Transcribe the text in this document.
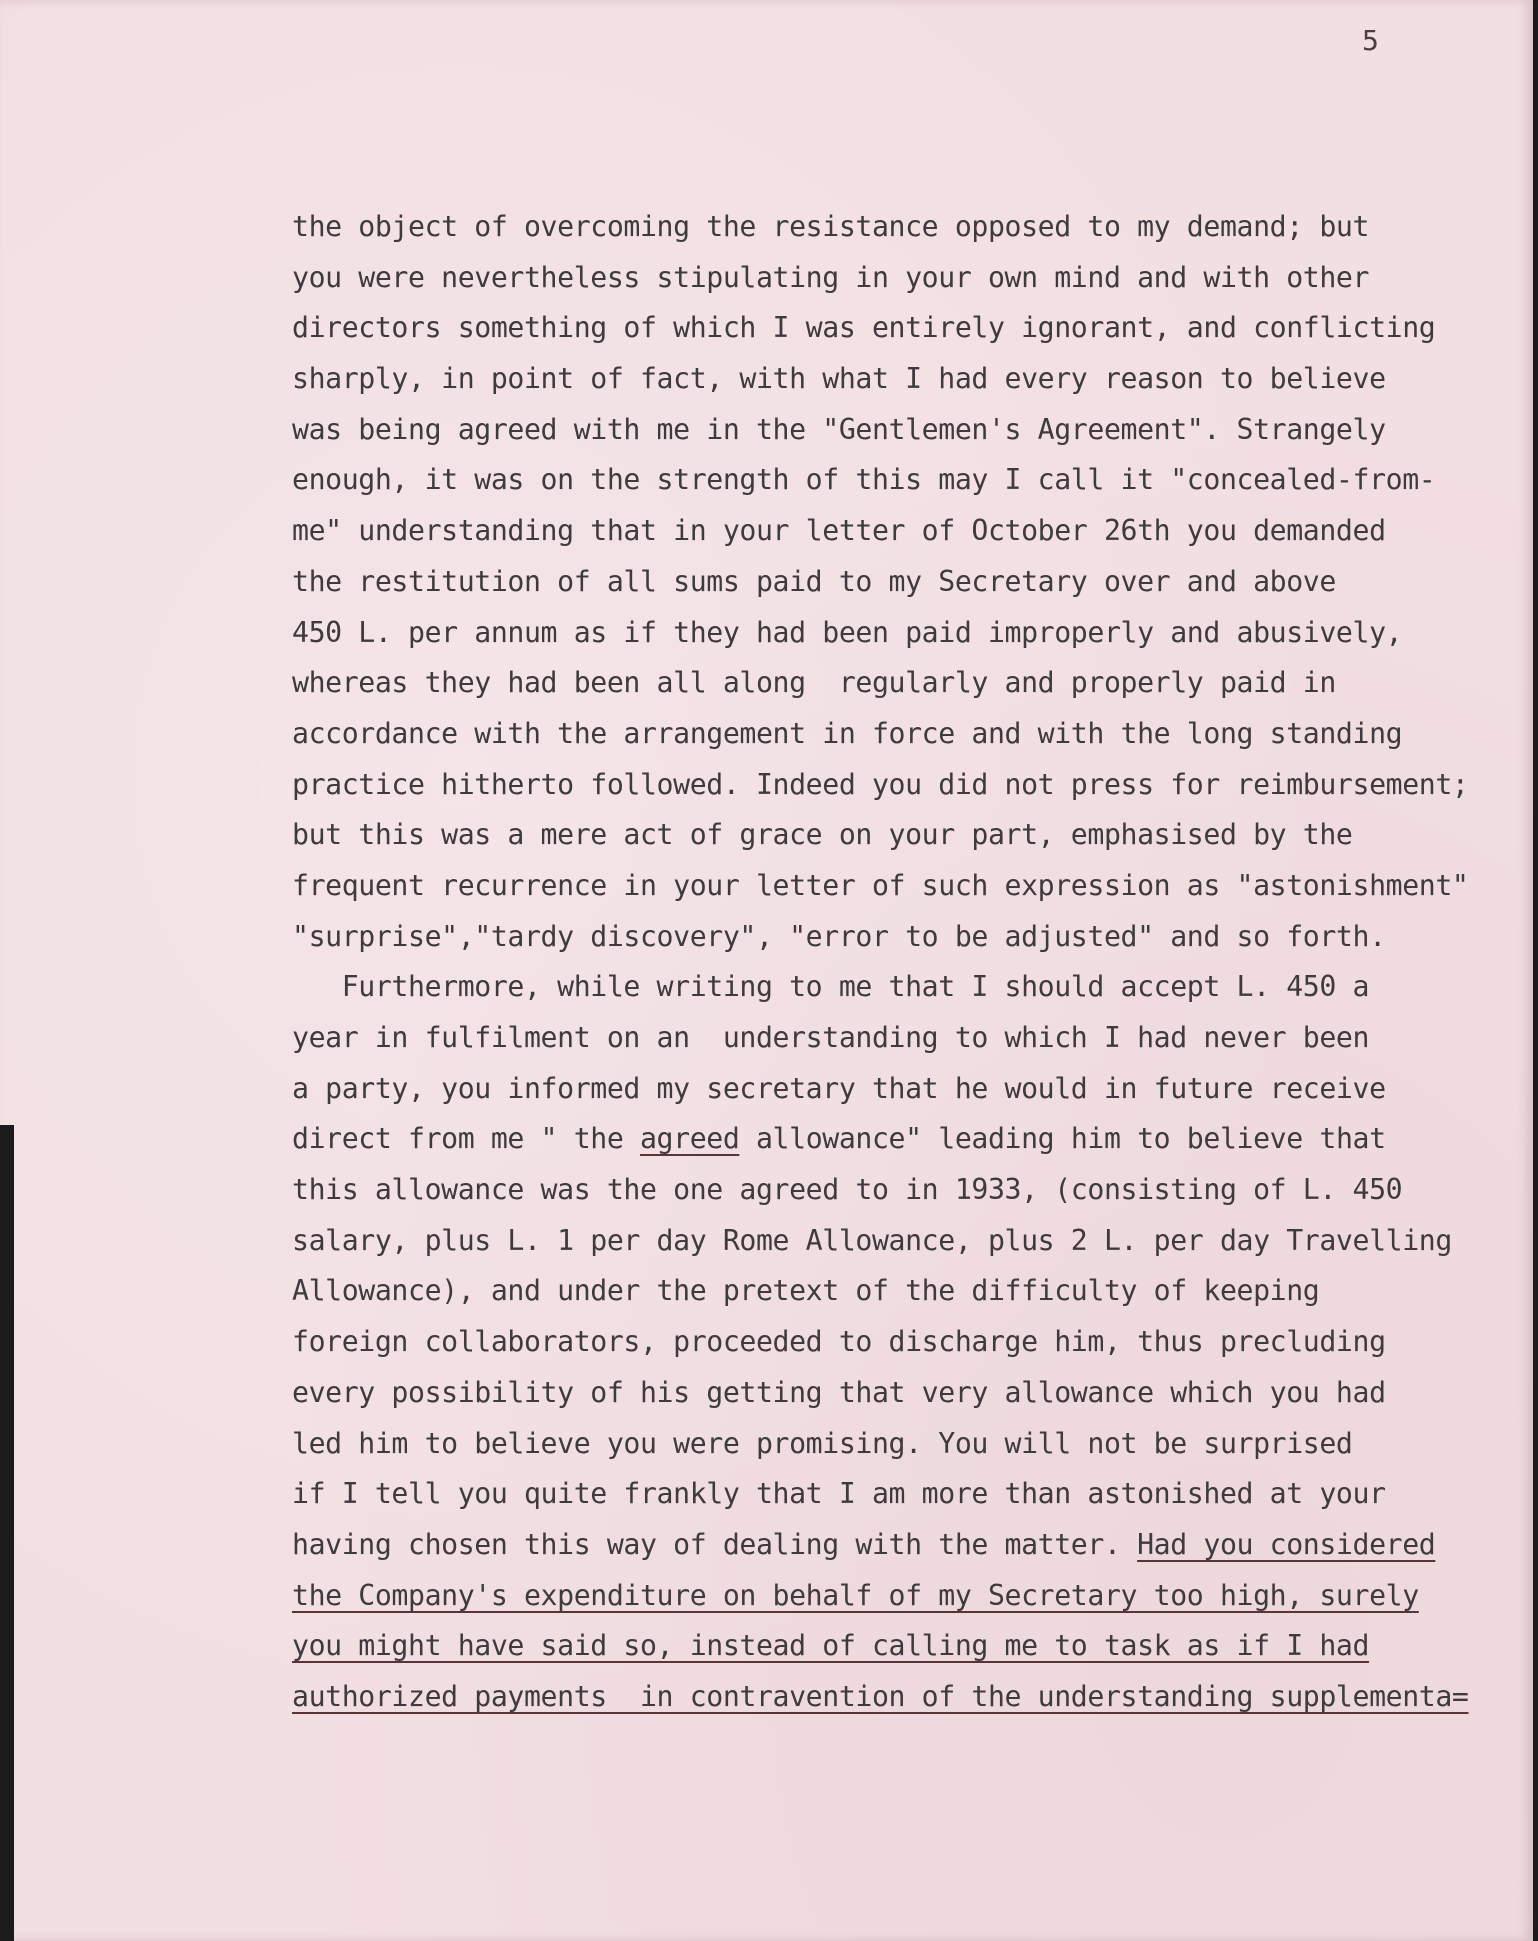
5
the object of overcoming the resistance opposed to my demand; but
you were nevertheless stipulating in your own mind and with other
directors something of which I was entirely ignorant, and conflicting
sharply, in point of fact, with what I had every reason to believe
was being agreed with me in the "Gentlemen's Agreement". Strangely
enough, it was on the strength of this may I call it "concealed-from-
me" understanding that in your letter of October 26th you demanded
the restitution of all sums paid to my Secretary over and above
450 L. per annum as if they had been paid improperly and abusively,
whereas they had been all along  regularly and properly paid in
accordance with the arrangement in force and with the long standing
practice hitherto followed. Indeed you did not press for reimbursement;
but this was a mere act of grace on your part, emphasised by the
frequent recurrence in your letter of such expression as "astonishment"
"surprise","tardy discovery", "error to be adjusted" and so forth.
Furthermore, while writing to me that I should accept L. 450 a
year in fulfilment on an  understanding to which I had never been
a party, you informed my secretary that he would in future receive
direct from me " the agreed allowance" leading him to believe that
this allowance was the one agreed to in 1933, (consisting of L. 450
salary, plus L. 1 per day Rome Allowance, plus 2 L. per day Travelling
Allowance), and under the pretext of the difficulty of keeping
foreign collaborators, proceeded to discharge him, thus precluding
every possibility of his getting that very allowance which you had
led him to believe you were promising. You will not be surprised
if I tell you quite frankly that I am more than astonished at your
having chosen this way of dealing with the matter. Had you considered
the Company's expenditure on behalf of my Secretary too high, surely
you might have said so, instead of calling me to task as if I had
authorized payments  in contravention of the understanding supplementa=
